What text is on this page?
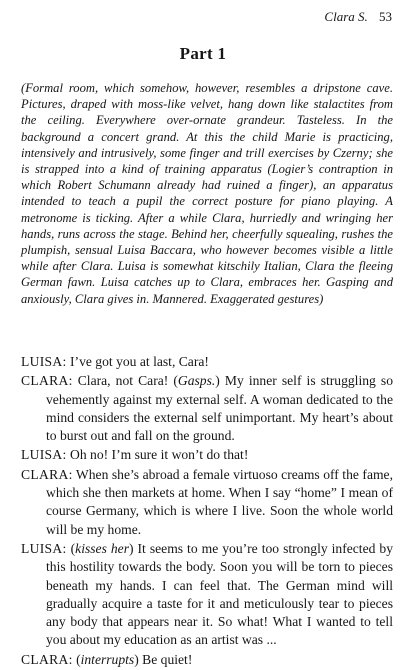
Clara S. 53
Part 1

(Formal room, which somehow, however, resembles a dripstone cave. Pictures, draped with moss-like velvet, hang down like stalactites from the ceiling. Everywhere over-ornate grandeur. Tasteless. In the background a concert grand. At this the child Marie is practicing, intensively and intrusively, some finger and trill exercises by Czerny; she is strapped into a kind of training apparatus (Logier’s contraption in which Robert Schumann already had ruined a finger), an apparatus intended to teach a pupil the correct posture for piano playing. A metronome is ticking. After a while Clara, hurriedly and wringing her hands, runs across the stage. Behind her, cheerfully squealing, rushes the plumpish, sensual Luisa Baccara, who however becomes visible a little while after Clara. Luisa is somewhat kitschily Italian, Clara the fleeing German fawn. Luisa catches up to Clara, embraces her. Gasping and anxiously, Clara gives in. Mannered. Exaggerated gestures)

LUISA: I’ve got you at last, Cara!

CLARA: Clara, not Cara! (Gasps.) My inner self is struggling so vehemently against my external self. A woman dedicated to the mind considers the external self unimportant. My heart’s about to burst out and fall on the ground.

LUISA: Oh no! I’m sure it won’t do that!

CLARA: When she’s abroad a female virtuoso creams off the fame, which she then markets at home. When I say “home” I mean of course Germany, which is where I live. Soon the whole world will be my home.

LUISA: (kisses her) It seems to me you’re too strongly infected by this hostility towards the body. Soon you will be torn to pieces beneath my hands. I can feel that. The German mind will gradually acquire a taste for it and meticulously tear to pieces any body that appears near it. So what! What I wanted to tell you about my education as an artist was ...

CLARA: (interrupts) Be quiet!
